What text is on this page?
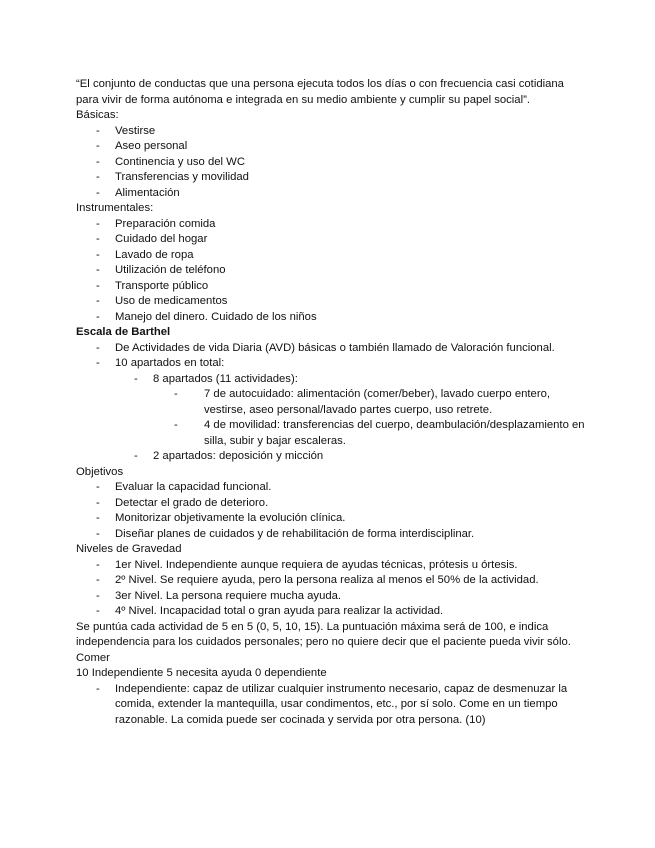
“El conjunto de conductas que una persona ejecuta todos los días o con frecuencia casi cotidiana para vivir de forma autónoma e integrada en su medio ambiente y cumplir su papel social”.

Básicas:

- Vestirse
- Aseo personal
- Continencia y uso del WC
- Transferencias y movilidad
- Alimentación

Instrumentales:

- Preparación comida
- Cuidado del hogar
- Lavado de ropa
- Utilización de teléfono
- Transporte público
- Uso de medicamentos
- Manejo del dinero. Cuidado de los niños

Escala de Barthel

- De Actividades de vida Diaria (AVD) básicas o también llamado de Valoración funcional.
- 10 apartados en total:
- 8 apartados (11 actividades):
- 7 de autocuidado: alimentación (comer/beber), lavado cuerpo entero, vestirse, aseo personal/lavado partes cuerpo, uso retrete.
- 4 de movilidad: transferencias del cuerpo, deambulación/desplazamiento en silla, subir y bajar escaleras.
- 2 apartados: deposición y micción

Objetivos

- Evaluar la capacidad funcional.
- Detectar el grado de deterioro.
- Monitorizar objetivamente la evolución clínica.
- Diseñar planes de cuidados y de rehabilitación de forma interdisciplinar.

Niveles de Gravedad

- 1er Nivel. Independiente aunque requiera de ayudas técnicas, prótesis u órtesis.
- 2º Nivel. Se requiere ayuda, pero la persona realiza al menos el 50% de la actividad.
- 3er Nivel. La persona requiere mucha ayuda.
- 4º Nivel. Incapacidad total o gran ayuda para realizar la actividad.

Se puntúa cada actividad de 5 en 5 (0, 5, 10, 15). La puntuación máxima será de 100, e indica independencia para los cuidados personales; pero no quiere decir que el paciente pueda vivir sólo.

Comer

10 Independiente 5 necesita ayuda 0 dependiente

- Independiente: capaz de utilizar cualquier instrumento necesario, capaz de desmenuzar la comida, extender la mantequilla, usar condimentos, etc., por sí solo. Come en un tiempo razonable. La comida puede ser cocinada y servida por otra persona. (10)
